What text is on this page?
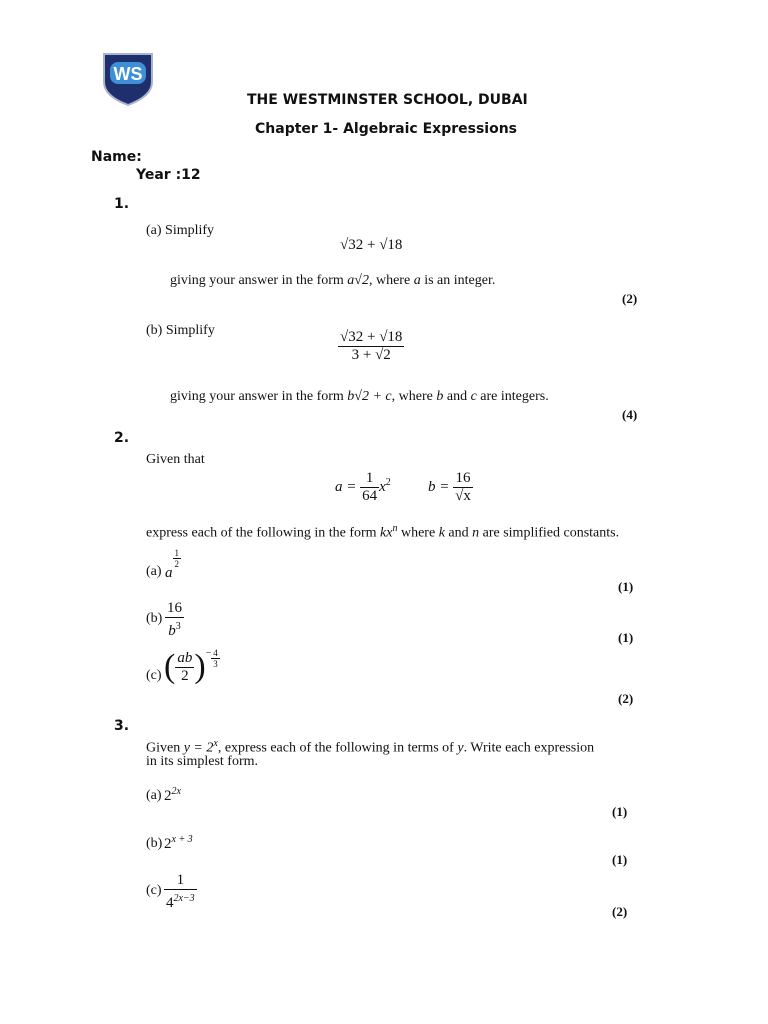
WS
THE WESTMINSTER SCHOOL, DUBAI
Chapter 1- Algebraic Expressions
Name:
Year :12
1.
(a) Simplify
√32 + √18
giving your answer in the form a√2, where a is an integer.
(2)
(b) Simplify	$\frac{√32 + √18}{3 + √2}$
giving your answer in the form b√2 + c, where b and c are integers.
(4)
2.
Given that
$a = \frac{1}{64} x^2$ $b = \frac{16}{√x}$
express each of the following in the form $kx^n$ where k and n are simplified constants.
(a) a
$\frac{1}{2}$
(1)
$(b) \frac{16}{b^3}$	(1)
(c) ( $\frac{ab}{2} )^- \frac{4}{3}$
(2)
3.
Given $y = 2^x$, express each of the following in terms of y. Write each expression
in its simplest form.
(a) $2^{2x}$
(1)
(b) $2^{x + 3}$
(1)
$(c) \frac{1}{4^{2x-3}}$	(2)
